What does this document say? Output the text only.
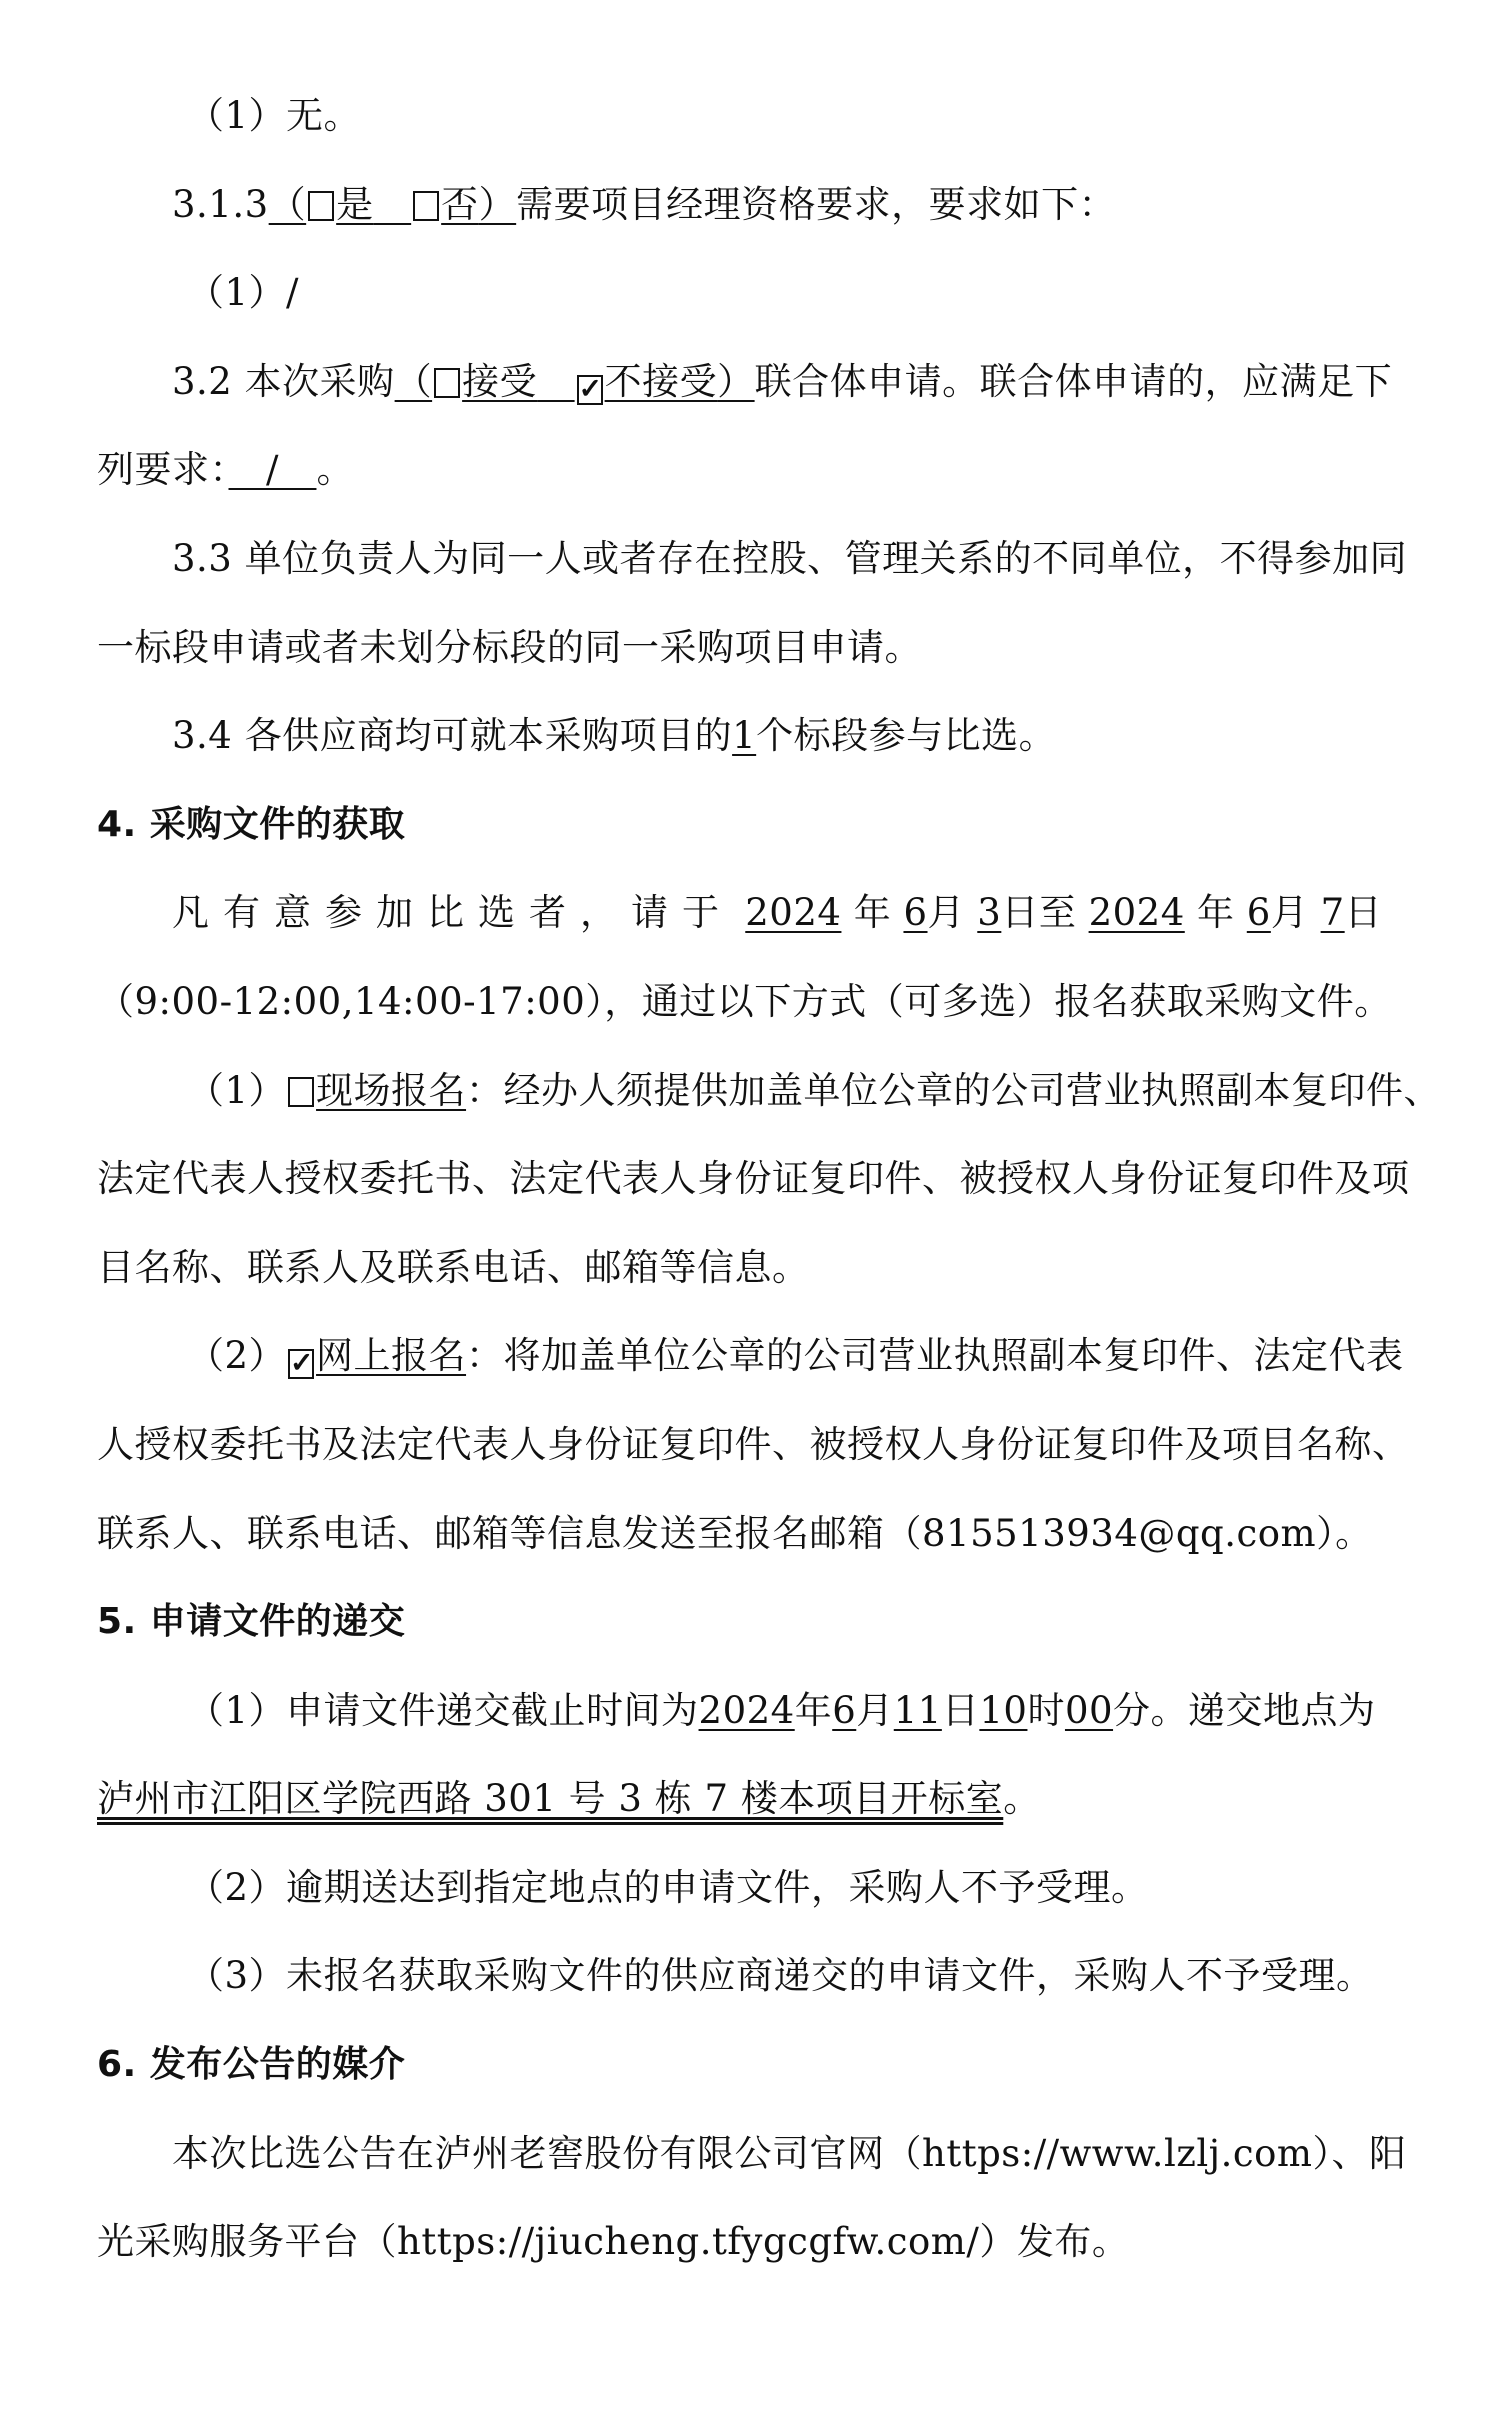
（1）无。
3.1.3（ 是　 否）需要项目经理资格要求，要求如下：
（1）/
3.2 本次采购（ 接受　 ✓不接受）联合体申请。联合体申请的，应满足下
列要求：　/　。
3.3 单位负责人为同一人或者存在控股、管理关系的不同单位，不得参加同
一标段申请或者未划分标段的同一采购项目申请。
3.4 各供应商均可就本采购项目的1个标段参与比选。
4. 采购文件的获取
凡有意参加比选者，请于 2024 年 6月 3日至 2024 年 6月 7日
（9:00-12:00,14:00-17:00），通过以下方式（可多选）报名获取采购文件。
（1） 现场报名：经办人须提供加盖单位公章的公司营业执照副本复印件、
法定代表人授权委托书、法定代表人身份证复印件、被授权人身份证复印件及项
目名称、联系人及联系电话、邮箱等信息。
（2） ✓网上报名：将加盖单位公章的公司营业执照副本复印件、法定代表
人授权委托书及法定代表人身份证复印件、被授权人身份证复印件及项目名称、
联系人、联系电话、邮箱等信息发送至报名邮箱（815513934@qq.com）。
5. 申请文件的递交
（1）申请文件递交截止时间为2024年6月11日10时00分。递交地点为
泸州市江阳区学院西路 301 号 3 栋 7 楼本项目开标室。
（2）逾期送达到指定地点的申请文件，采购人不予受理。
（3）未报名获取采购文件的供应商递交的申请文件，采购人不予受理。
6. 发布公告的媒介
本次比选公告在泸州老窖股份有限公司官网（https://www.lzlj.com）、阳
光采购服务平台（https://jiucheng.tfygcgfw.com/）发布。
